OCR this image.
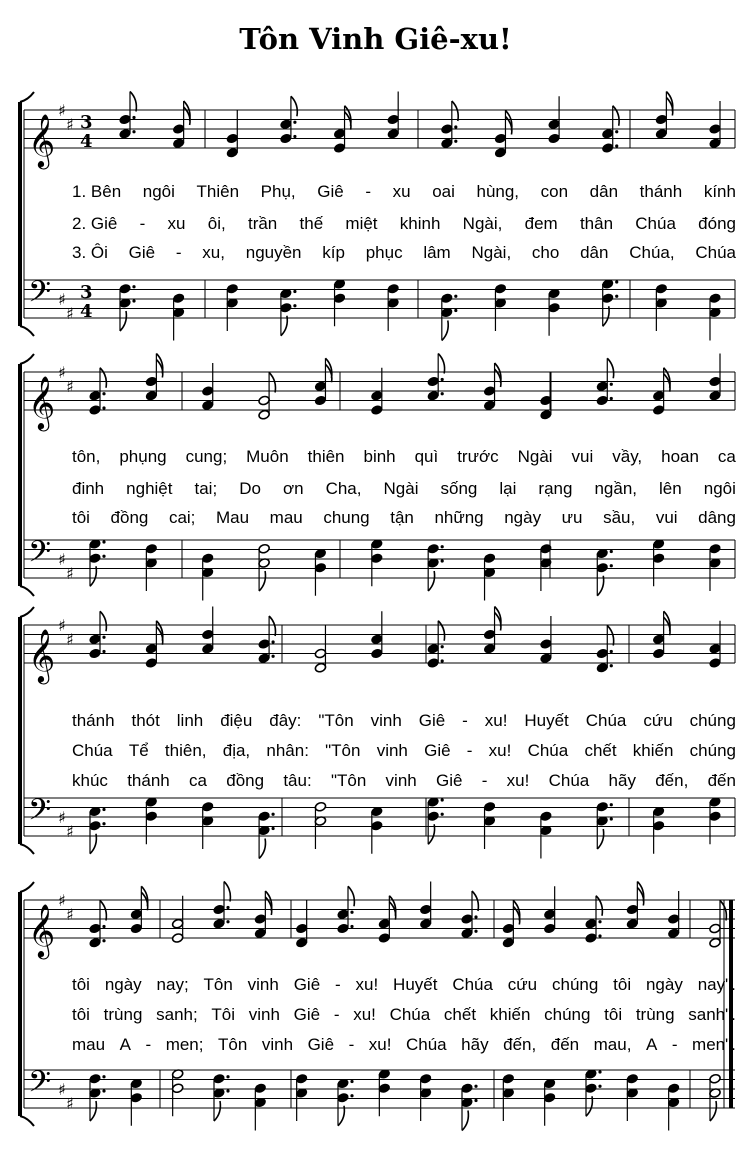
Tôn Vinh Giê-xu!
𝄞
𝄢
♯
♯
♯
♯
3
4
3
4
𝄞
𝄢
♯
♯
♯
♯
𝄞
𝄢
♯
♯
♯
♯
𝄞
𝄢
♯
♯
♯
♯
1. Bên ngôi Thiên Phụ, Giê - xu oai hùng, con dân thánh kính
2. Giê - xu ôi, trần thế miệt khinh Ngài, đem thân Chúa đóng
3. Ôi Giê - xu, nguyền kíp phục lâm Ngài, cho dân Chúa, Chúa
tôn, phụng cung; Muôn thiên binh quì trước Ngài vui vầy, hoan ca
đinh nghiệt tai; Do ơn Cha, Ngài sống lại rạng ngần, lên ngôi
tôi đồng cai; Mau mau chung tận những ngày ưu sầu, vui dâng
thánh thót linh điệu đây: "Tôn vinh Giê - xu! Huyết Chúa cứu chúng
Chúa Tể thiên, địa, nhân: "Tôn vinh Giê - xu! Chúa chết khiến chúng
khúc thánh ca đồng tâu: "Tôn vinh Giê - xu! Chúa hãy đến, đến
tôi ngày nay; Tôn vinh Giê - xu! Huyết Chúa cứu chúng tôi ngày nay".
tôi trùng sanh; Tôi vinh Giê - xu! Chúa chết khiến chúng tôi trùng sanh".
mau A - men; Tôn vinh Giê - xu! Chúa hãy đến, đến mau, A - men".
